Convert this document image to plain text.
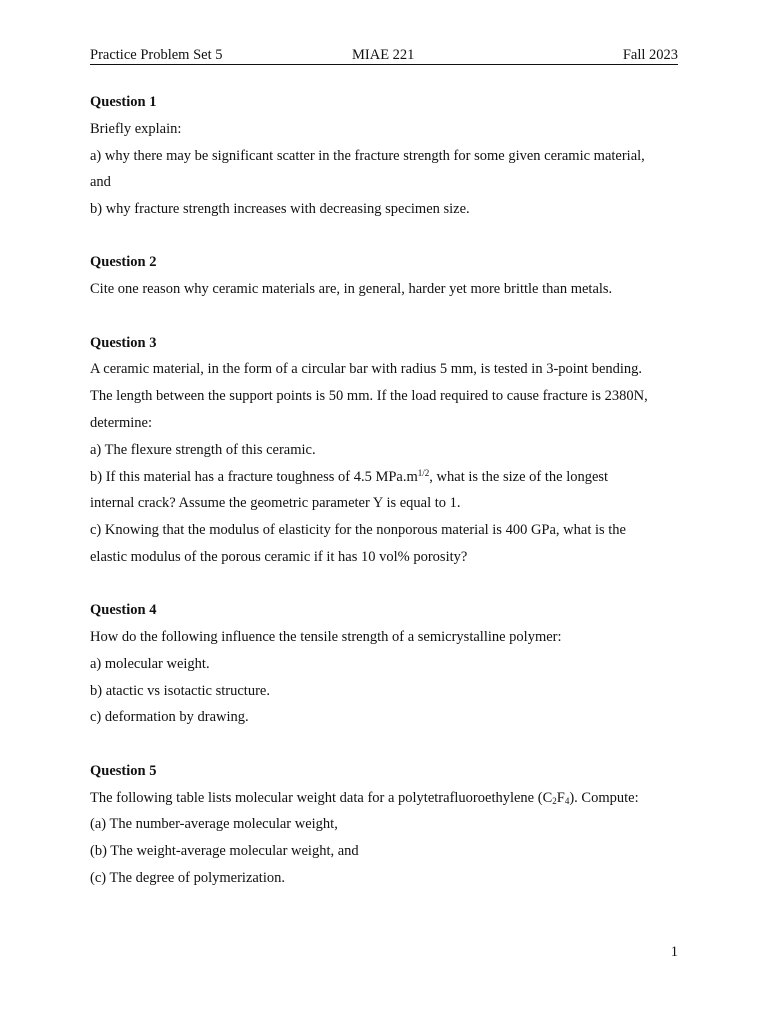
Practice Problem Set 5	MIAE 221	Fall 2023
Question 1

Briefly explain:

a) why there may be significant scatter in the fracture strength for some given ceramic material,

and

b) why fracture strength increases with decreasing specimen size.

Question 2

Cite one reason why ceramic materials are, in general, harder yet more brittle than metals.

Question 3

A ceramic material, in the form of a circular bar with radius 5 mm, is tested in 3-point bending.

The length between the support points is 50 mm. If the load required to cause fracture is 2380N,

determine:

a) The flexure strength of this ceramic.

b) If this material has a fracture toughness of 4.5 $MPa.m^{1/2}$, what is the size of the longest

internal crack? Assume the geometric parameter Y is equal to 1.

c) Knowing that the modulus of elasticity for the nonporous material is 400 GPa, what is the

elastic modulus of the porous ceramic if it has 10 vol% porosity?

Question 4

How do the following influence the tensile strength of a semicrystalline polymer:

a) molecular weight.

b) atactic vs isotactic structure.

c) deformation by drawing.

Question 5

The following table lists molecular weight data for a polytetrafluoroethylene $(C_2F_4)$. Compute:

(a) The number-average molecular weight,

(b) The weight-average molecular weight, and

(c) The degree of polymerization.

1
